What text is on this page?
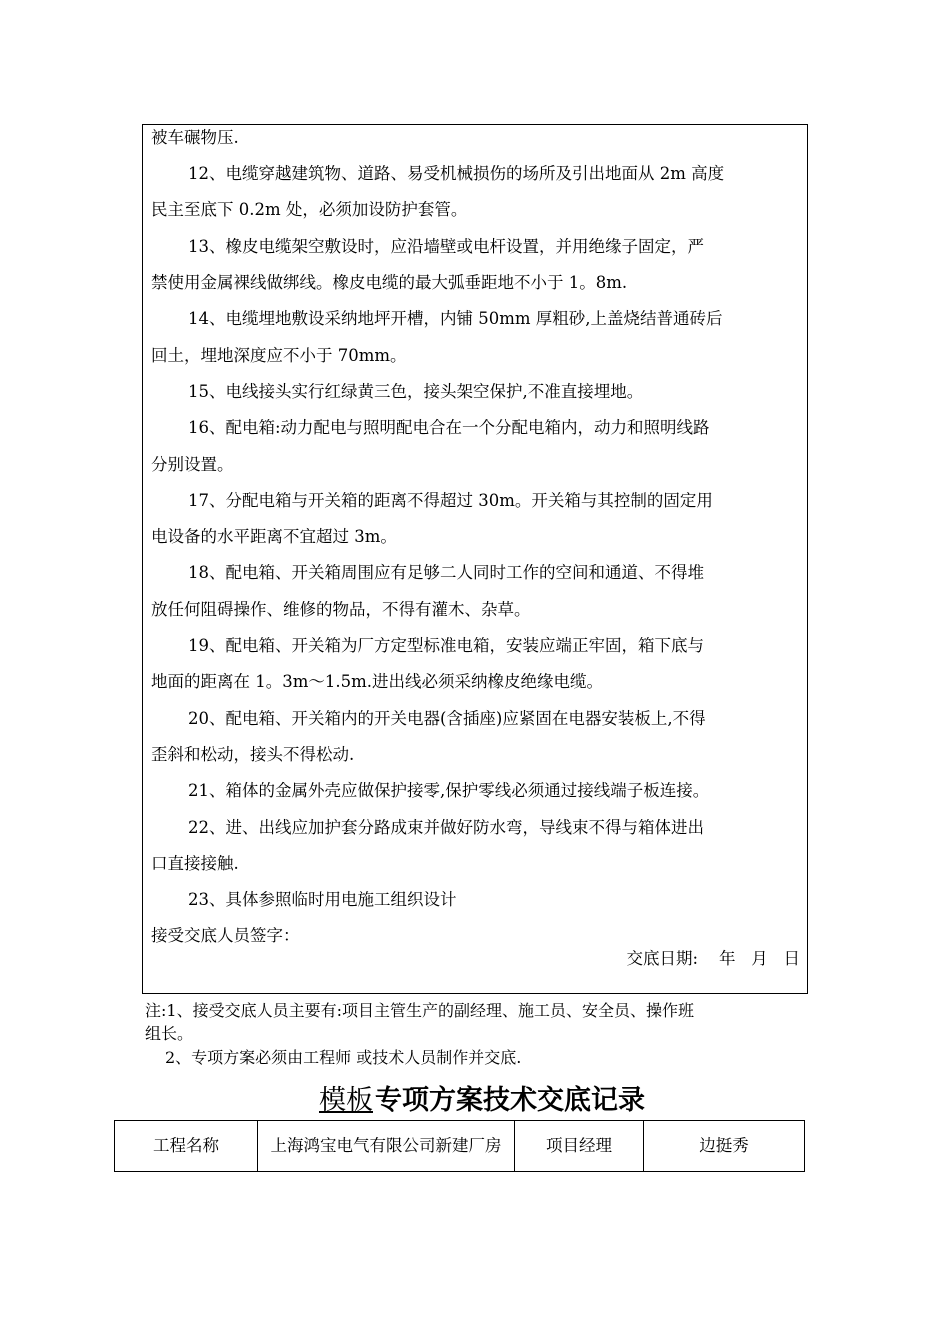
被车碾物压.
12、电缆穿越建筑物、道路、易受机械损伤的场所及引出地面从 2m 高度
民主至底下 0.2m 处，必须加设防护套管。
13、橡皮电缆架空敷设时，应沿墙壁或电杆设置，并用绝缘子固定，严
禁使用金属裸线做绑线。橡皮电缆的最大弧垂距地不小于 1。8m.
14、电缆埋地敷设采纳地坪开槽，内铺 50mm 厚粗砂,上盖烧结普通砖后
回土，埋地深度应不小于 70mm。
15、电线接头实行红绿黄三色，接头架空保护,不准直接埋地。
16、配电箱:动力配电与照明配电合在一个分配电箱内，动力和照明线路
分别设置。
17、分配电箱与开关箱的距离不得超过 30m。开关箱与其控制的固定用
电设备的水平距离不宜超过 3m。
18、配电箱、开关箱周围应有足够二人同时工作的空间和通道、不得堆
放任何阻碍操作、维修的物品，不得有灌木、杂草。
19、配电箱、开关箱为厂方定型标准电箱，安装应端正牢固，箱下底与
地面的距离在 1。3m～1.5m.进出线必须采纳橡皮绝缘电缆。
20、配电箱、开关箱内的开关电器(含插座)应紧固在电器安装板上,不得
歪斜和松动，接头不得松动.
21、箱体的金属外壳应做保护接零,保护零线必须通过接线端子板连接。
22、进、出线应加护套分路成束并做好防水弯，导线束不得与箱体进出
口直接接触.
23、具体参照临时用电施工组织设计
接受交底人员签字：
交底日期:    年   月   日
注:1、接受交底人员主要有:项目主管生产的副经理、施工员、安全员、操作班
组长。
2、专项方案必须由工程师 或技术人员制作并交底.
模板专项方案技术交底记录
工程名称	上海鸿宝电气有限公司新建厂房	项目经理	边挺秀
